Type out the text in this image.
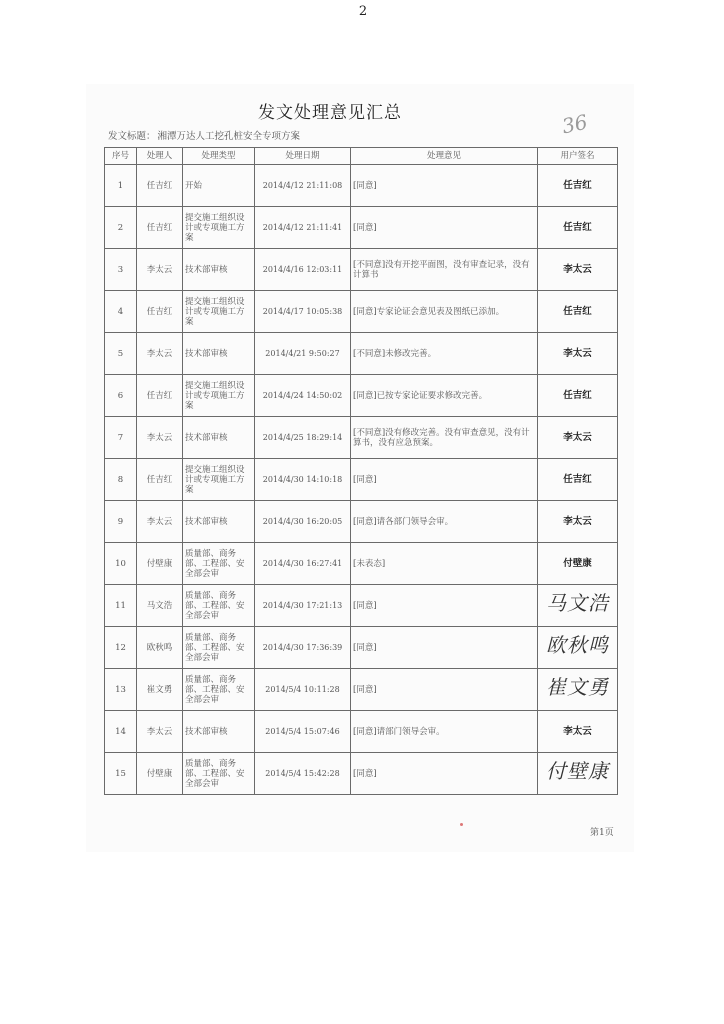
2
发文处理意见汇总
发文标题： 湘潭万达人工挖孔桩安全专项方案	36
序号	处理人	处理类型	处理日期	处理意见	用户签名
1	任吉红	开始	2014/4/12 21:11:08	[同意]	任吉红
2	任吉红	提交施工组织设计或专项施工方案	2014/4/12 21:11:41	[同意]	任吉红
3	李太云	技术部审核	2014/4/16 12:03:11	[不同意]没有开挖平面图，没有审查记录，没有计算书	李太云
4	任吉红	提交施工组织设计或专项施工方案	2014/4/17 10:05:38	[同意]专家论证会意见表及图纸已添加。	任吉红
5	李太云	技术部审核	2014/4/21 9:50:27	[不同意]未修改完善。	李太云
6	任吉红	提交施工组织设计或专项施工方案	2014/4/24 14:50:02	[同意]已按专家论证要求修改完善。	任吉红
7	李太云	技术部审核	2014/4/25 18:29:14	[不同意]没有修改完善。没有审查意见，没有计算书，没有应急预案。	李太云
8	任吉红	提交施工组织设计或专项施工方案	2014/4/30 14:10:18	[同意]	任吉红
9	李太云	技术部审核	2014/4/30 16:20:05	[同意]请各部门领导会审。	李太云
10	付壁康	质量部、商务部、工程部、安全部会审	2014/4/30 16:27:41	[未表态]	付壁康
11	马文浩	质量部、商务部、工程部、安全部会审	2014/4/30 17:21:13	[同意]	马文浩
12	欧秋鸣	质量部、商务部、工程部、安全部会审	2014/4/30 17:36:39	[同意]	欧秋鸣
13	崔文勇	质量部、商务部、工程部、安全部会审	2014/5/4 10:11:28	[同意]	崔文勇
14	李太云	技术部审核	2014/5/4 15:07:46	[同意]请部门领导会审。	李太云
15	付壁康	质量部、商务部、工程部、安全部会审	2014/5/4 15:42:28	[同意]	付壁康
第1页
